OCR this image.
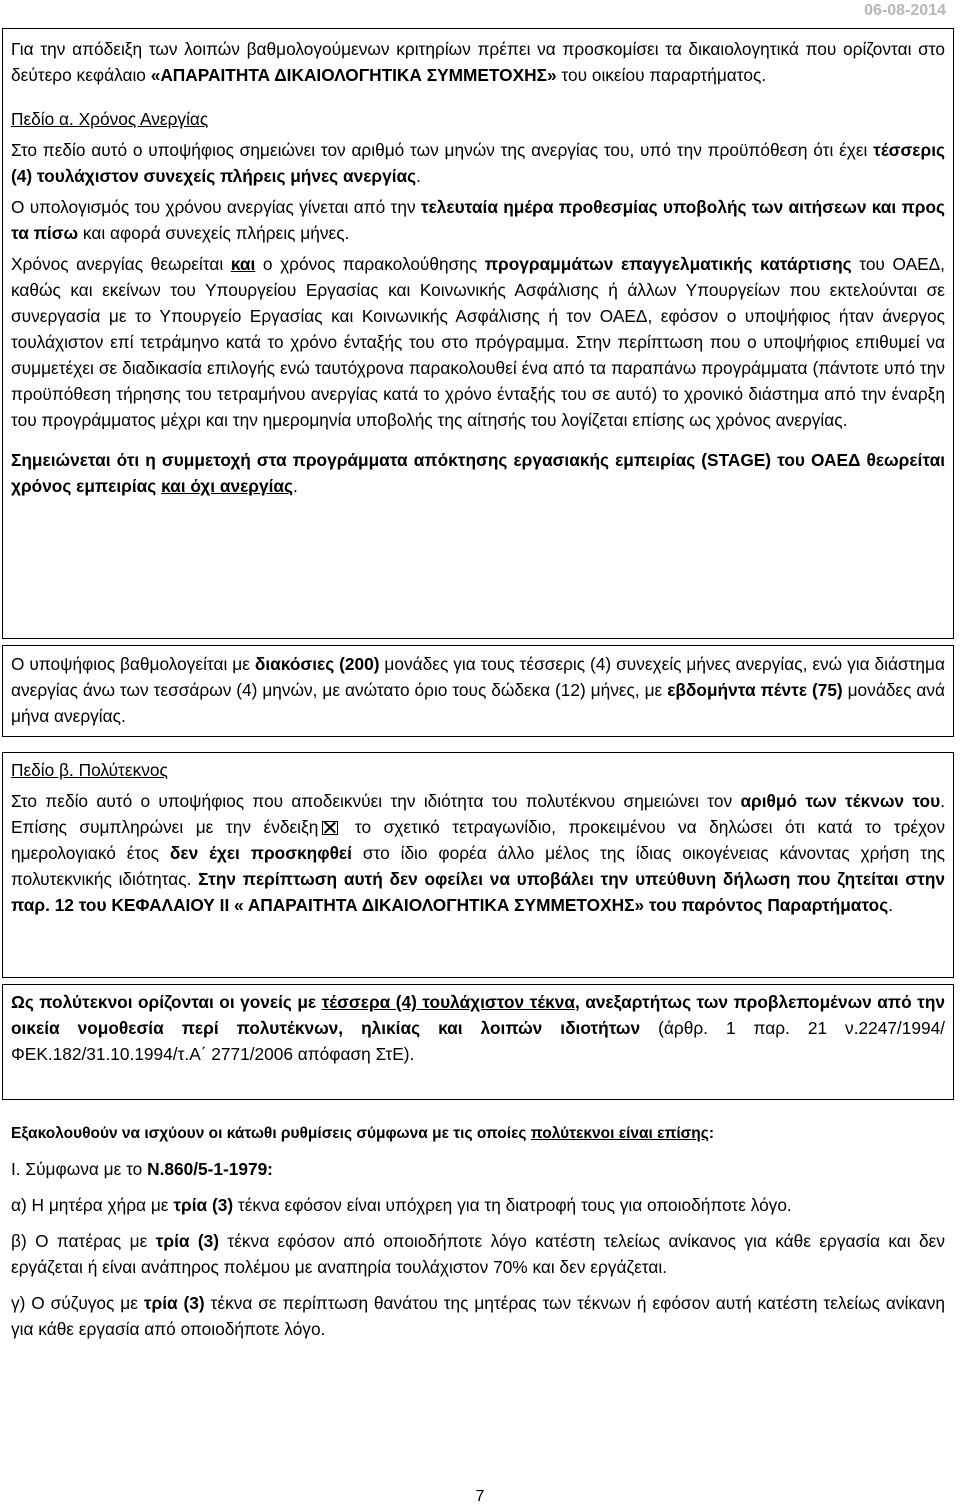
06-08-2014

Για την απόδειξη των λοιπών βαθμολογούμενων κριτηρίων πρέπει να προσκομίσει τα δικαιολογητικά που ορίζονται στο δεύτερο κεφάλαιο «ΑΠΑΡΑΙΤΗΤΑ ΔΙΚΑΙΟΛΟΓΗΤΙΚΑ ΣΥΜΜΕΤΟΧΗΣ» του οικείου παραρτήματος.

Πεδίο α. Χρόνος Ανεργίας

Στο πεδίο αυτό ο υποψήφιος σημειώνει τον αριθμό των μηνών της ανεργίας του, υπό την προϋπόθεση ότι έχει τέσσερις (4) τουλάχιστον συνεχείς πλήρεις μήνες ανεργίας.

Ο υπολογισμός του χρόνου ανεργίας γίνεται από την τελευταία ημέρα προθεσμίας υποβολής των αιτήσεων και προς τα πίσω και αφορά συνεχείς πλήρεις μήνες.

Χρόνος ανεργίας θεωρείται και ο χρόνος παρακολούθησης προγραμμάτων επαγγελματικής κατάρτισης του ΟΑΕΔ, καθώς και εκείνων του Υπουργείου Εργασίας και Κοινωνικής Ασφάλισης ή άλλων Υπουργείων που εκτελούνται σε συνεργασία με το Υπουργείο Εργασίας και Κοινωνικής Ασφάλισης ή τον ΟΑΕΔ, εφόσον ο υποψήφιος ήταν άνεργος τουλάχιστον επί τετράμηνο κατά το χρόνο ένταξής του στο πρόγραμμα. Στην περίπτωση που ο υποψήφιος επιθυμεί να συμμετέχει σε διαδικασία επιλογής ενώ ταυτόχρονα παρακολουθεί ένα από τα παραπάνω προγράμματα (πάντοτε υπό την προϋπόθεση τήρησης του τετραμήνου ανεργίας κατά το χρόνο ένταξής του σε αυτό) το χρονικό διάστημα από την έναρξη του προγράμματος μέχρι και την ημερομηνία υποβολής της αίτησής του λογίζεται επίσης ως χρόνος ανεργίας.

Σημειώνεται ότι η συμμετοχή στα προγράμματα απόκτησης εργασιακής εμπειρίας (STAGE) του ΟΑΕΔ θεωρείται χρόνος εμπειρίας και όχι ανεργίας.

Ο υποψήφιος βαθμολογείται με διακόσιες (200) μονάδες για τους τέσσερις (4) συνεχείς μήνες ανεργίας, ενώ για διάστημα ανεργίας άνω των τεσσάρων (4) μηνών, με ανώτατο όριο τους δώδεκα (12) μήνες, με εβδομήντα πέντε (75) μονάδες ανά μήνα ανεργίας.

Πεδίο β. Πολύτεκνος

Στο πεδίο αυτό ο υποψήφιος που αποδεικνύει την ιδιότητα του πολυτέκνου σημειώνει τον αριθμό των τέκνων του. Επίσης συμπληρώνει με την ένδειξη το σχετικό τετραγωνίδιο, προκειμένου να δηλώσει ότι κατά το τρέχον ημερολογιακό έτος δεν έχει προσκηφθεί στο ίδιο φορέα άλλο μέλος της ίδιας οικογένειας κάνοντας χρήση της πολυτεκνικής ιδιότητας. Στην περίπτωση αυτή δεν οφείλει να υποβάλει την υπεύθυνη δήλωση που ζητείται στην παρ. 12 του ΚΕΦΑΛΑΙΟΥ ΙΙ « ΑΠΑΡΑΙΤΗΤΑ ΔΙΚΑΙΟΛΟΓΗΤΙΚΑ ΣΥΜΜΕΤΟΧΗΣ» του παρόντος Παραρτήματος.

Ως πολύτεκνοι ορίζονται οι γονείς με τέσσερα (4) τουλάχιστον τέκνα, ανεξαρτήτως των προβλεπομένων από την οικεία νομοθεσία περί πολυτέκνων, ηλικίας και λοιπών ιδιοτήτων (άρθρ. 1 παρ. 21 ν.2247/1994/ΦΕΚ.182/31.10.1994/τ.Α΄ 2771/2006 απόφαση ΣτΕ).

Εξακολουθούν να ισχύουν οι κάτωθι ρυθμίσεις σύμφωνα με τις οποίες πολύτεκνοι είναι επίσης:

Ι. Σύμφωνα με το Ν.860/5-1-1979:

α) Η μητέρα χήρα με τρία (3) τέκνα εφόσον είναι υπόχρεη για τη διατροφή τους για οποιοδήποτε λόγο.

β) Ο πατέρας με τρία (3) τέκνα εφόσον από οποιοδήποτε λόγο κατέστη τελείως ανίκανος για κάθε εργασία και δεν εργάζεται ή είναι ανάπηρος πολέμου με αναπηρία τουλάχιστον 70% και δεν εργάζεται.

γ) Ο σύζυγος με τρία (3) τέκνα σε περίπτωση θανάτου της μητέρας των τέκνων ή εφόσον αυτή κατέστη τελείως ανίκανη για κάθε εργασία από οποιοδήποτε λόγο.

7
